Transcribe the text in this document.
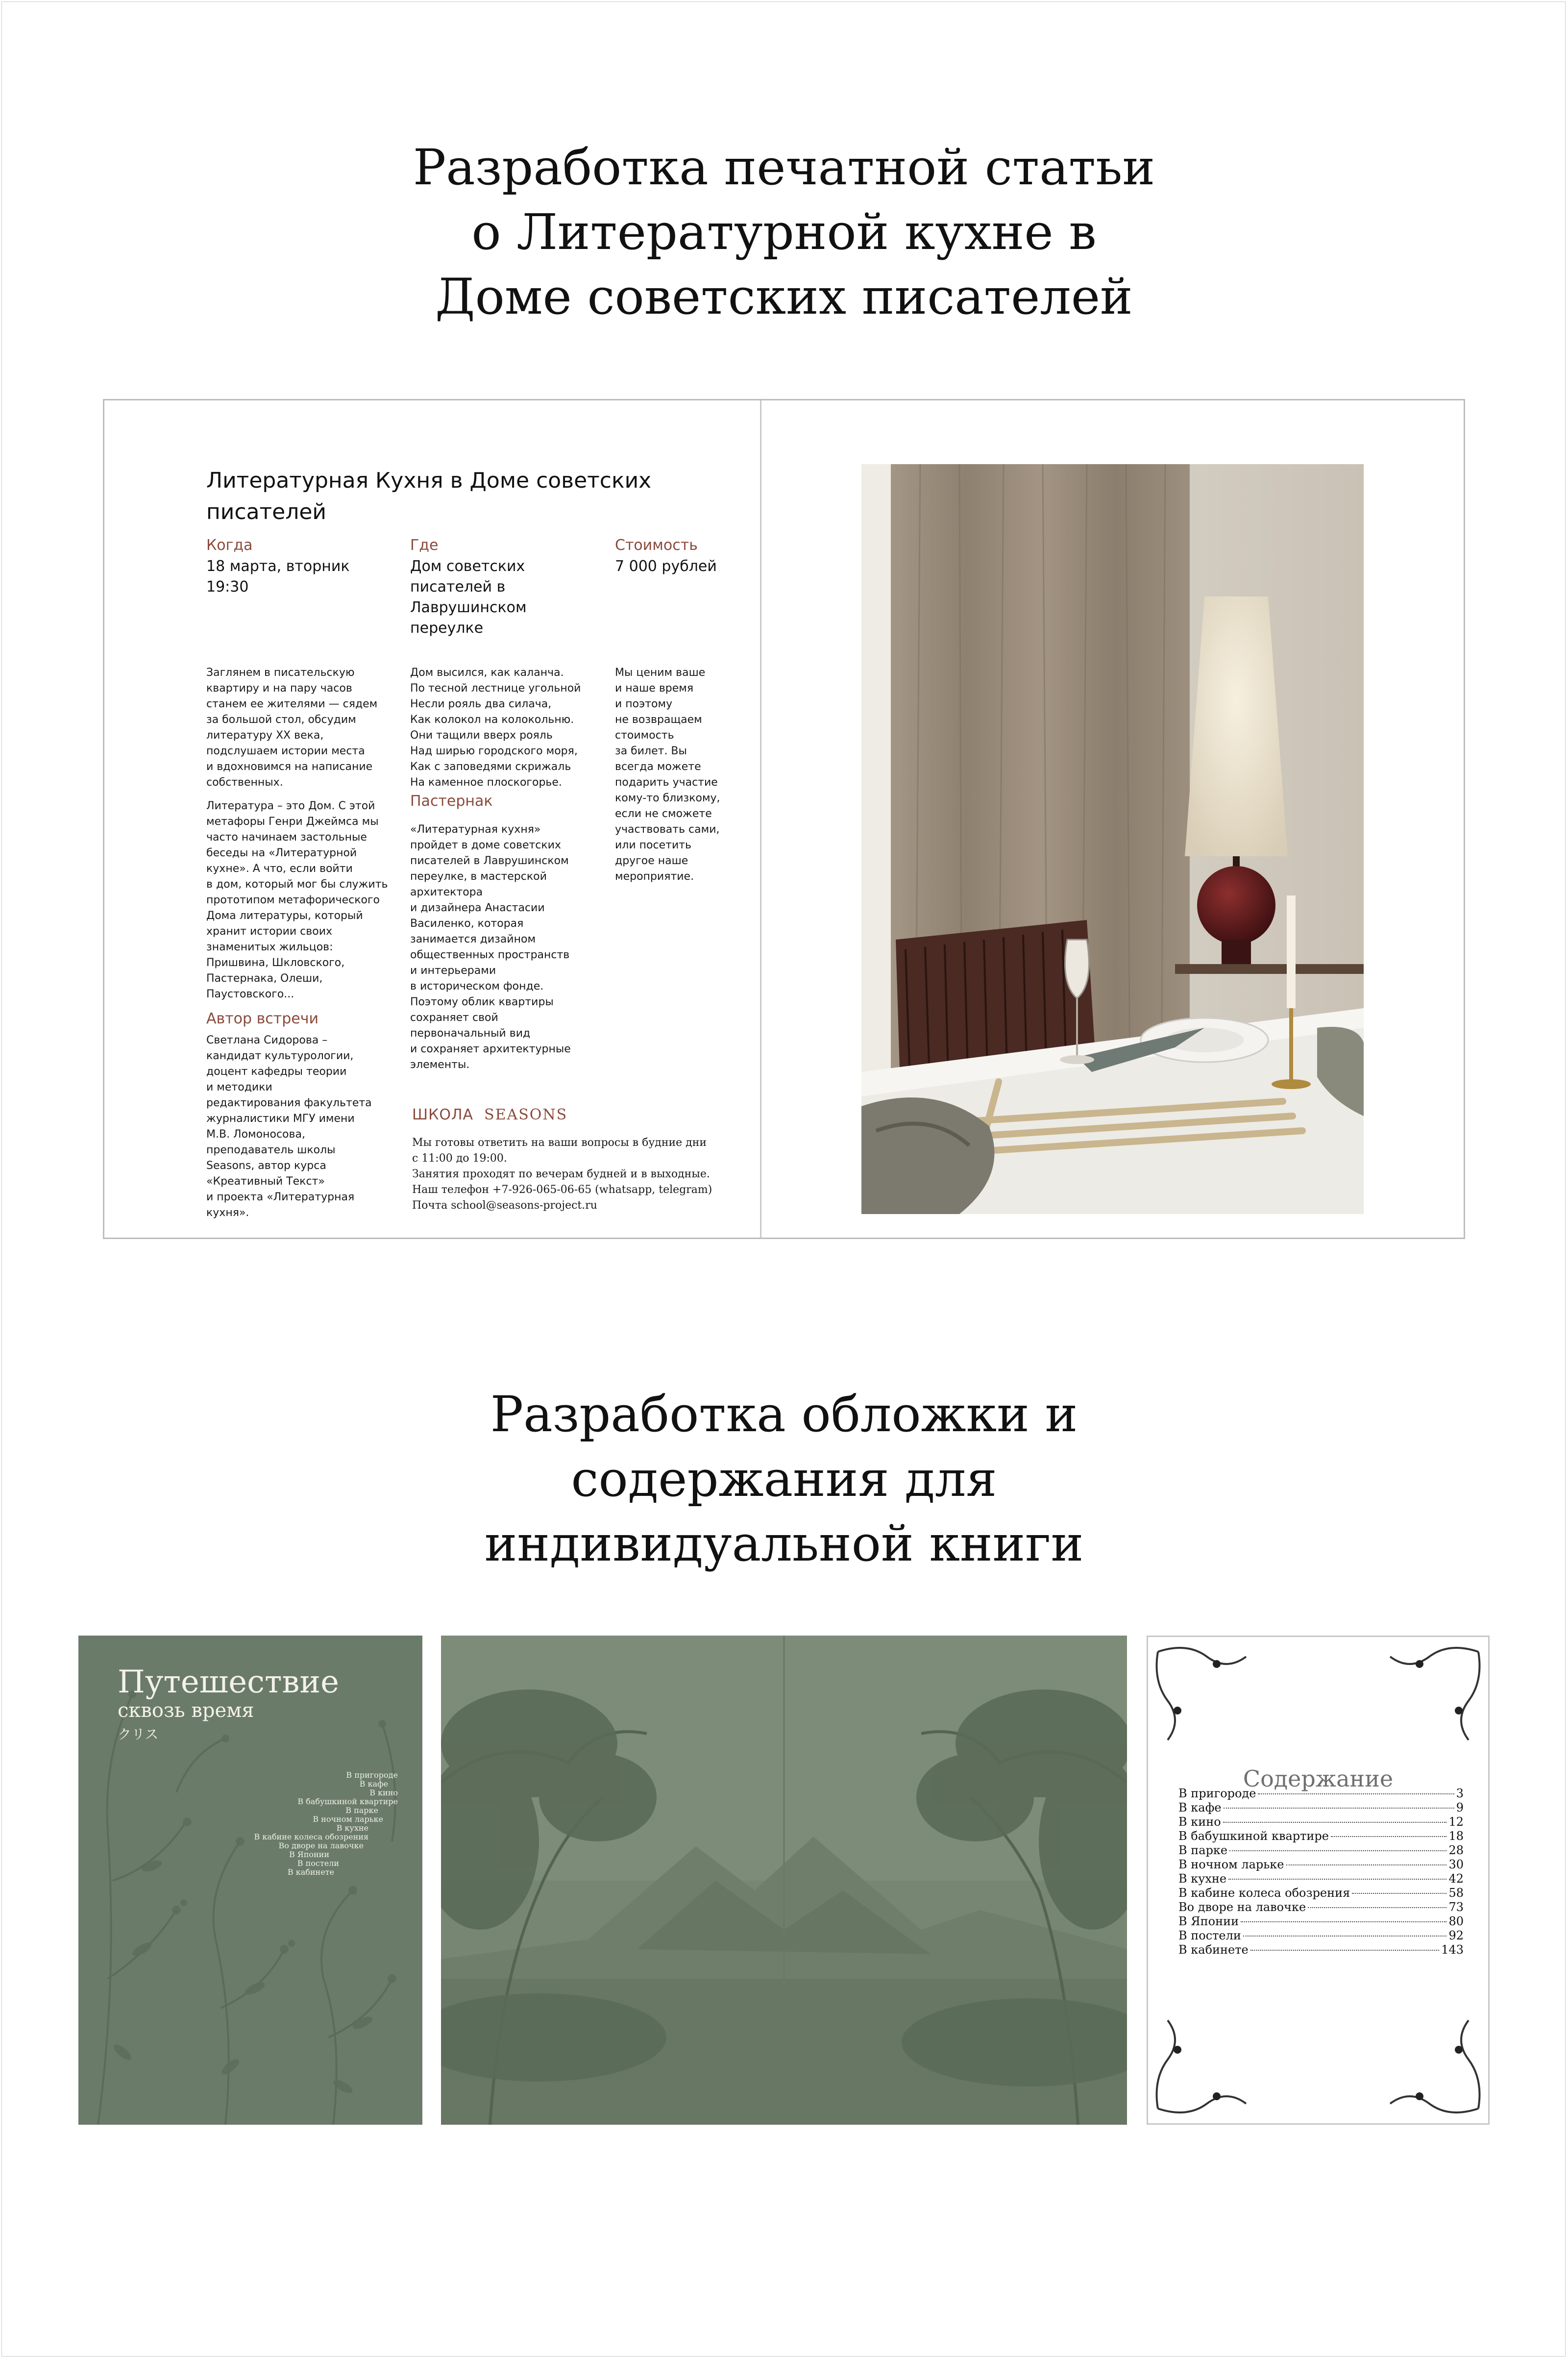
Разработка печатной статьи
о Литературной кухне в
Доме советских писателей
Литературная Кухня в Доме советских писателей
Когда
18 марта, вторник
19:30
Где
Дом советских писателей в Лаврушинском переулке
Стоимость
7 000 рублей

Заглянем в писательскую
квартиру и на пару часов
станем ее жителями — сядем
за большой стол, обсудим
литературу XX века,
подслушаем истории места
и вдохновимся на написание
собственных.

Литература – это Дом. С этой
метафоры Генри Джеймса мы
часто начинаем застольные
беседы на «Литературной
кухне». А что, если войти
в дом, который мог бы служить
прототипом метафорического
Дома литературы, который
хранит истории своих
знаменитых жильцов:
Пришвина, Шкловского,
Пастернака, Олеши,
Паустовского...

Автор встречи

Светлана Сидорова –
кандидат культурологии,
доцент кафедры теории
и методики
редактирования факультета
журналистики МГУ имени
М.В. Ломоносова,
преподаватель школы
Seasons, автор курса
«Креативный Текст»
и проекта «Литературная
кухня».

Дом высился, как каланча.
По тесной лестнице угольной
Несли рояль два силача,
Как колокол на колокольню.
Они тащили вверх рояль
Над ширью городского моря,
Как с заповедями скрижаль
На каменное плоскогорье.

Пастернак

«Литературная кухня»
пройдет в доме советских
писателей в Лаврушинском
переулке, в мастерской
архитектора
и дизайнера Анастасии
Василенко, которая
занимается дизайном
общественных пространств
и интерьерами
в историческом фонде.
Поэтому облик квартиры
сохраняет свой
первоначальный вид
и сохраняет архитектурные
элементы.

Мы ценим ваше
и наше время
и поэтому
не возвращаем
стоимость
за билет. Вы
всегда можете
подарить участие
кому-то близкому,
если не сможете
участвовать сами,
или посетить
другое наше
мероприятие.

ШКОЛА SEASONS
Мы готовы ответить на ваши вопросы в будние дни
с 11:00 до 19:00.
Занятия проходят по вечерам будней и в выходные.
Наш телефон +7-926-065-06-65 (whatsapp, telegram)
Почта school@seasons-project.ru
Разработка обложки и
содержания для
индивидуальной книги
Путешествие
сквозь время
クリス
В пригороде
В кафе
В кино
В бабушкиной квартире
В парке
В ночном ларьке
В кухне
В кабине колеса обозрения
Во дворе на лавочке
В Японии
В постели
В кабинете
Содержание
В пригороде	3
В кафе	9
В кино	12
В бабушкиной квартире	18
В парке	28
В ночном ларьке	30
В кухне	42
В кабине колеса обозрения	58
Во дворе на лавочке	73
В Японии	80
В постели	92
В кабинете	143
